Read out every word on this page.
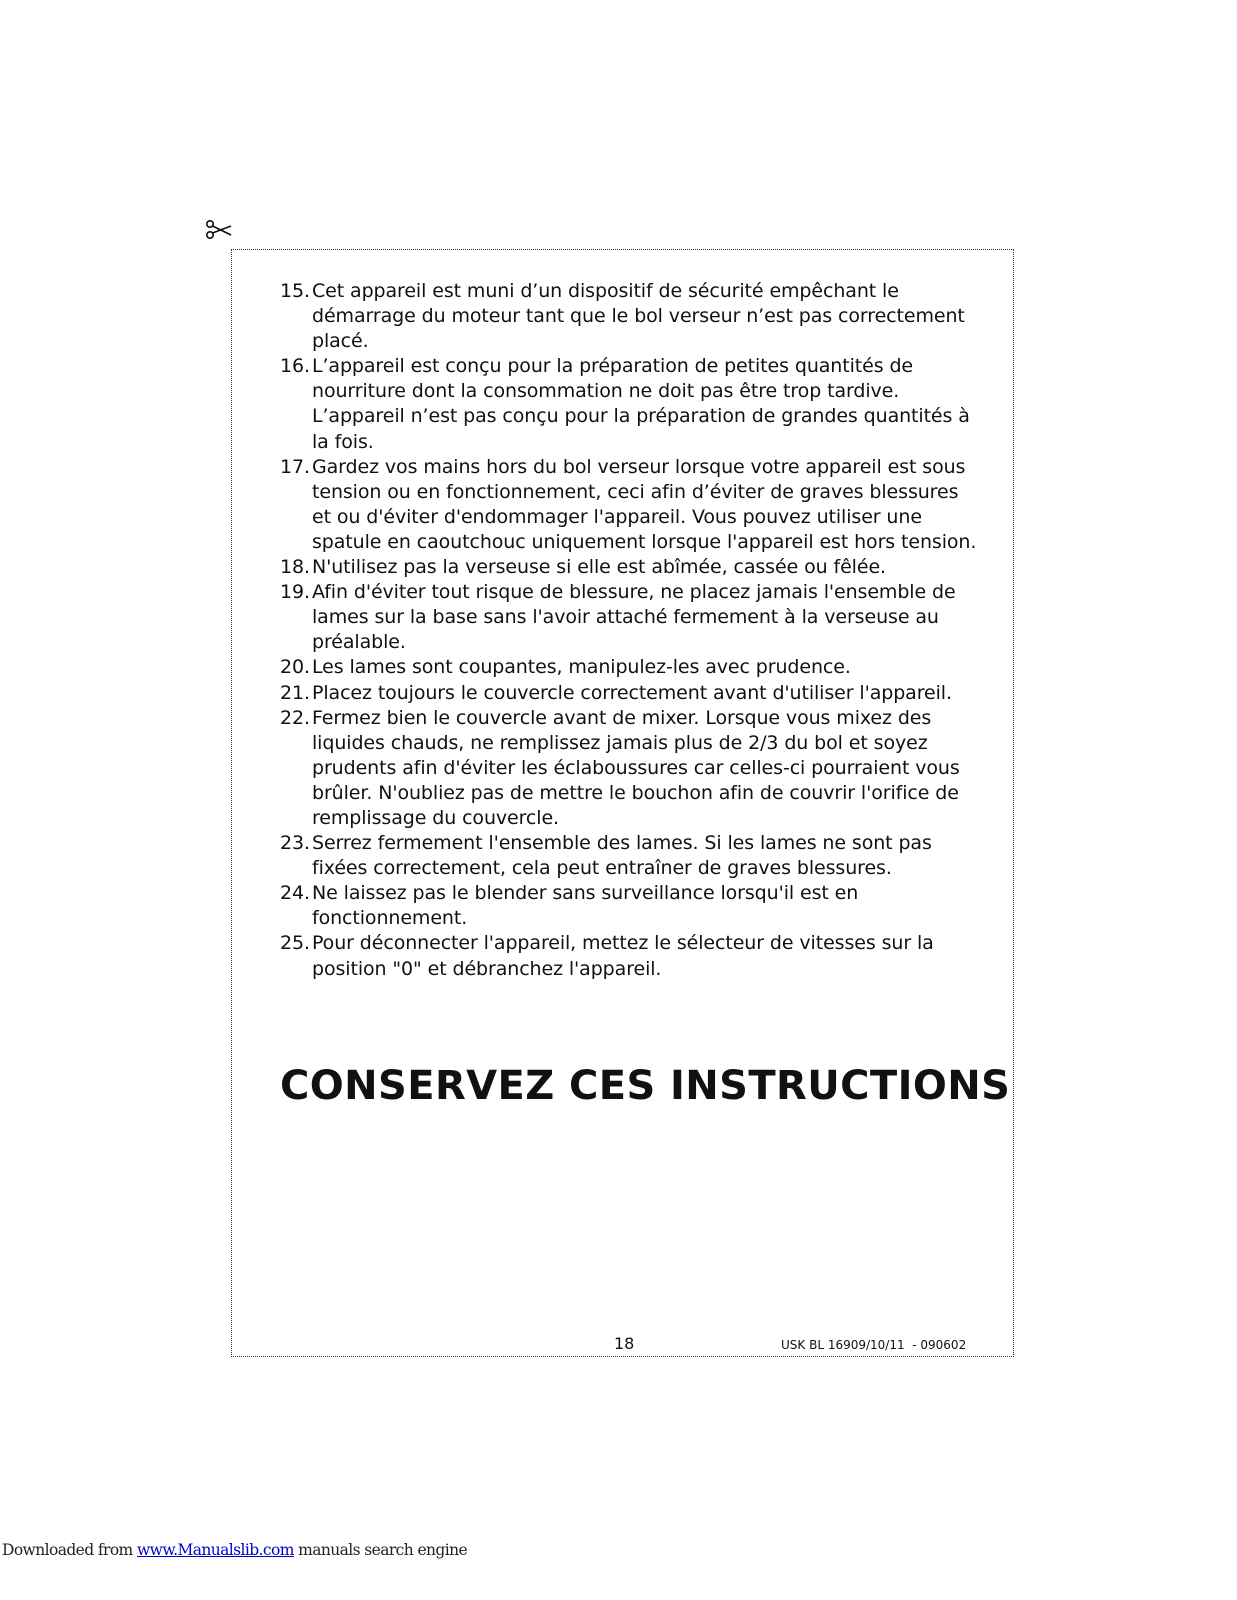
15. Cet appareil est muni d’un dispositif de sécurité empêchant le démarrage du moteur tant que le bol verseur n’est pas correctement placé.
16. L’appareil est conçu pour la préparation de petites quantités de nourriture dont la consommation ne doit pas être trop tardive. L’appareil n’est pas conçu pour la préparation de grandes quantités à la fois.
17. Gardez vos mains hors du bol verseur lorsque votre appareil est sous tension ou en fonctionnement, ceci afin d’éviter de graves blessures et ou d'éviter d'endommager l'appareil. Vous pouvez utiliser une spatule en caoutchouc uniquement lorsque l'appareil est hors tension.
18. N'utilisez pas la verseuse si elle est abîmée, cassée ou fêlée.
19. Afin d'éviter tout risque de blessure, ne placez jamais l'ensemble de lames sur la base sans l'avoir attaché fermement à la verseuse au préalable.
20. Les lames sont coupantes, manipulez-les avec prudence.
21. Placez toujours le couvercle correctement avant d'utiliser l'appareil.
22. Fermez bien le couvercle avant de mixer. Lorsque vous mixez des liquides chauds, ne remplissez jamais plus de 2/3 du bol et soyez prudents afin d'éviter les éclaboussures car celles-ci pourraient vous brûler. N'oubliez pas de mettre le bouchon afin de couvrir l'orifice de remplissage du couvercle.
23. Serrez fermement l'ensemble des lames. Si les lames ne sont pas fixées correctement, cela peut entraîner de graves blessures.
24. Ne laissez pas le blender sans surveillance lorsqu'il est en fonctionnement.
25. Pour déconnecter l'appareil, mettez le sélecteur de vitesses sur la position "0" et débranchez l'appareil.
CONSERVEZ CES INSTRUCTIONS
18	USK BL 16909/10/11  - 090602
Downloaded from www.Manualslib.com manuals search engine
